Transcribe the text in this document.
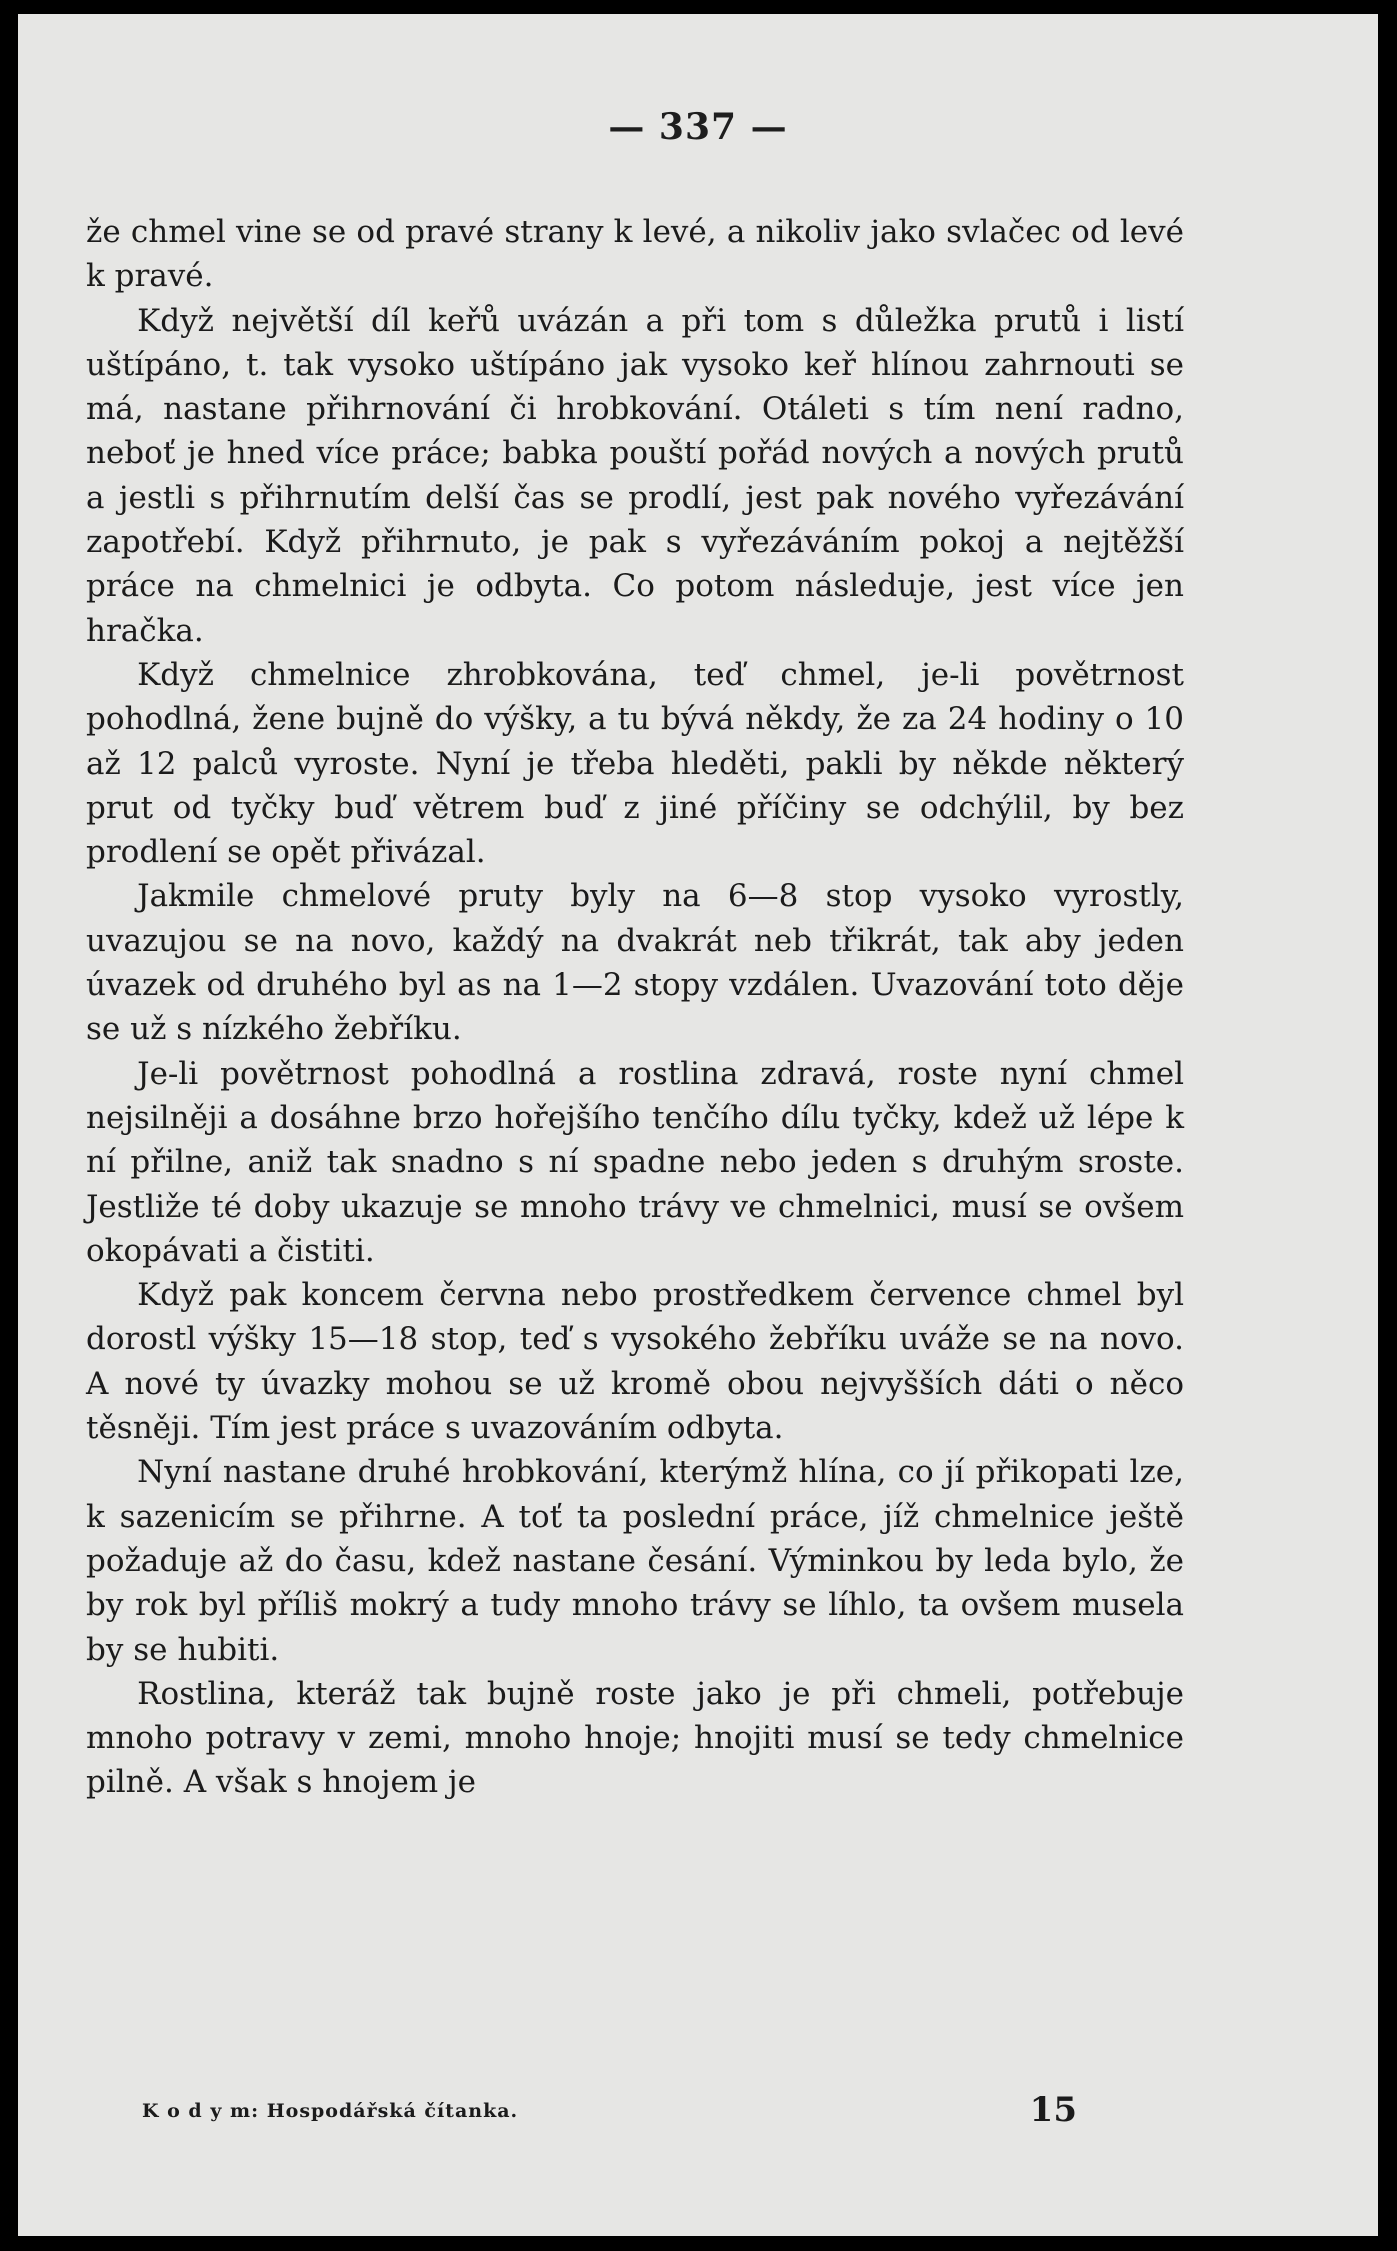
— 337 —

že chmel vine se od pravé strany k levé, a nikoliv jako svlačec od levé k pravé.

Když největší díl keřů uvázán a při tom s důležka prutů i listí uštípáno, t. tak vysoko uštípáno jak vysoko keř hlínou zahrnouti se má, nastane přihrnování či hrobkování. Otáleti s tím není radno, neboť je hned více práce; babka pouští pořád nových a nových prutů a jestli s přihrnutím delší čas se prodlí, jest pak nového vyřezávání zapotřebí. Když přihrnuto, je pak s vyřezáváním pokoj a nejtěžší práce na chmelnici je odbyta. Co potom následuje, jest více jen hračka.

Když chmelnice zhrobkována, teď chmel, je-li povětrnost pohodlná, žene bujně do výšky, a tu bývá někdy, že za 24 hodiny o 10 až 12 palců vyroste. Nyní je třeba hleděti, pakli by někde některý prut od tyčky buď větrem buď z jiné příčiny se odchýlil, by bez prodlení se opět přivázal.

Jakmile chmelové pruty byly na 6—8 stop vysoko vyrostly, uvazujou se na novo, každý na dvakrát neb třikrát, tak aby jeden úvazek od druhého byl as na 1—2 stopy vzdálen. Uvazování toto děje se už s nízkého žebříku.

Je-li povětrnost pohodlná a rostlina zdravá, roste nyní chmel nejsilněji a dosáhne brzo hořejšího tenčího dílu tyčky, kdež už lépe k ní přilne, aniž tak snadno s ní spadne nebo jeden s druhým sroste. Jestliže té doby ukazuje se mnoho trávy ve chmelnici, musí se ovšem okopávati a čistiti.

Když pak koncem června nebo prostředkem července chmel byl dorostl výšky 15—18 stop, teď s vysokého žebříku uváže se na novo. A nové ty úvazky mohou se už kromě obou nejvyšších dáti o něco těsněji. Tím jest práce s uvazováním odbyta.

Nyní nastane druhé hrobkování, kterýmž hlína, co jí přikopati lze, k sazenicím se přihrne. A toť ta poslední práce, jíž chmelnice ještě požaduje až do času, kdež nastane česání. Výminkou by leda bylo, že by rok byl příliš mokrý a tudy mnoho trávy se líhlo, ta ovšem musela by se hubiti.

Rostlina, kteráž tak bujně roste jako je při chmeli, potřebuje mnoho potravy v zemi, mnoho hnoje; hnojiti musí se tedy chmelnice pilně. A však s hnojem je

K o d y m: Hospodářská čítanka.	15
